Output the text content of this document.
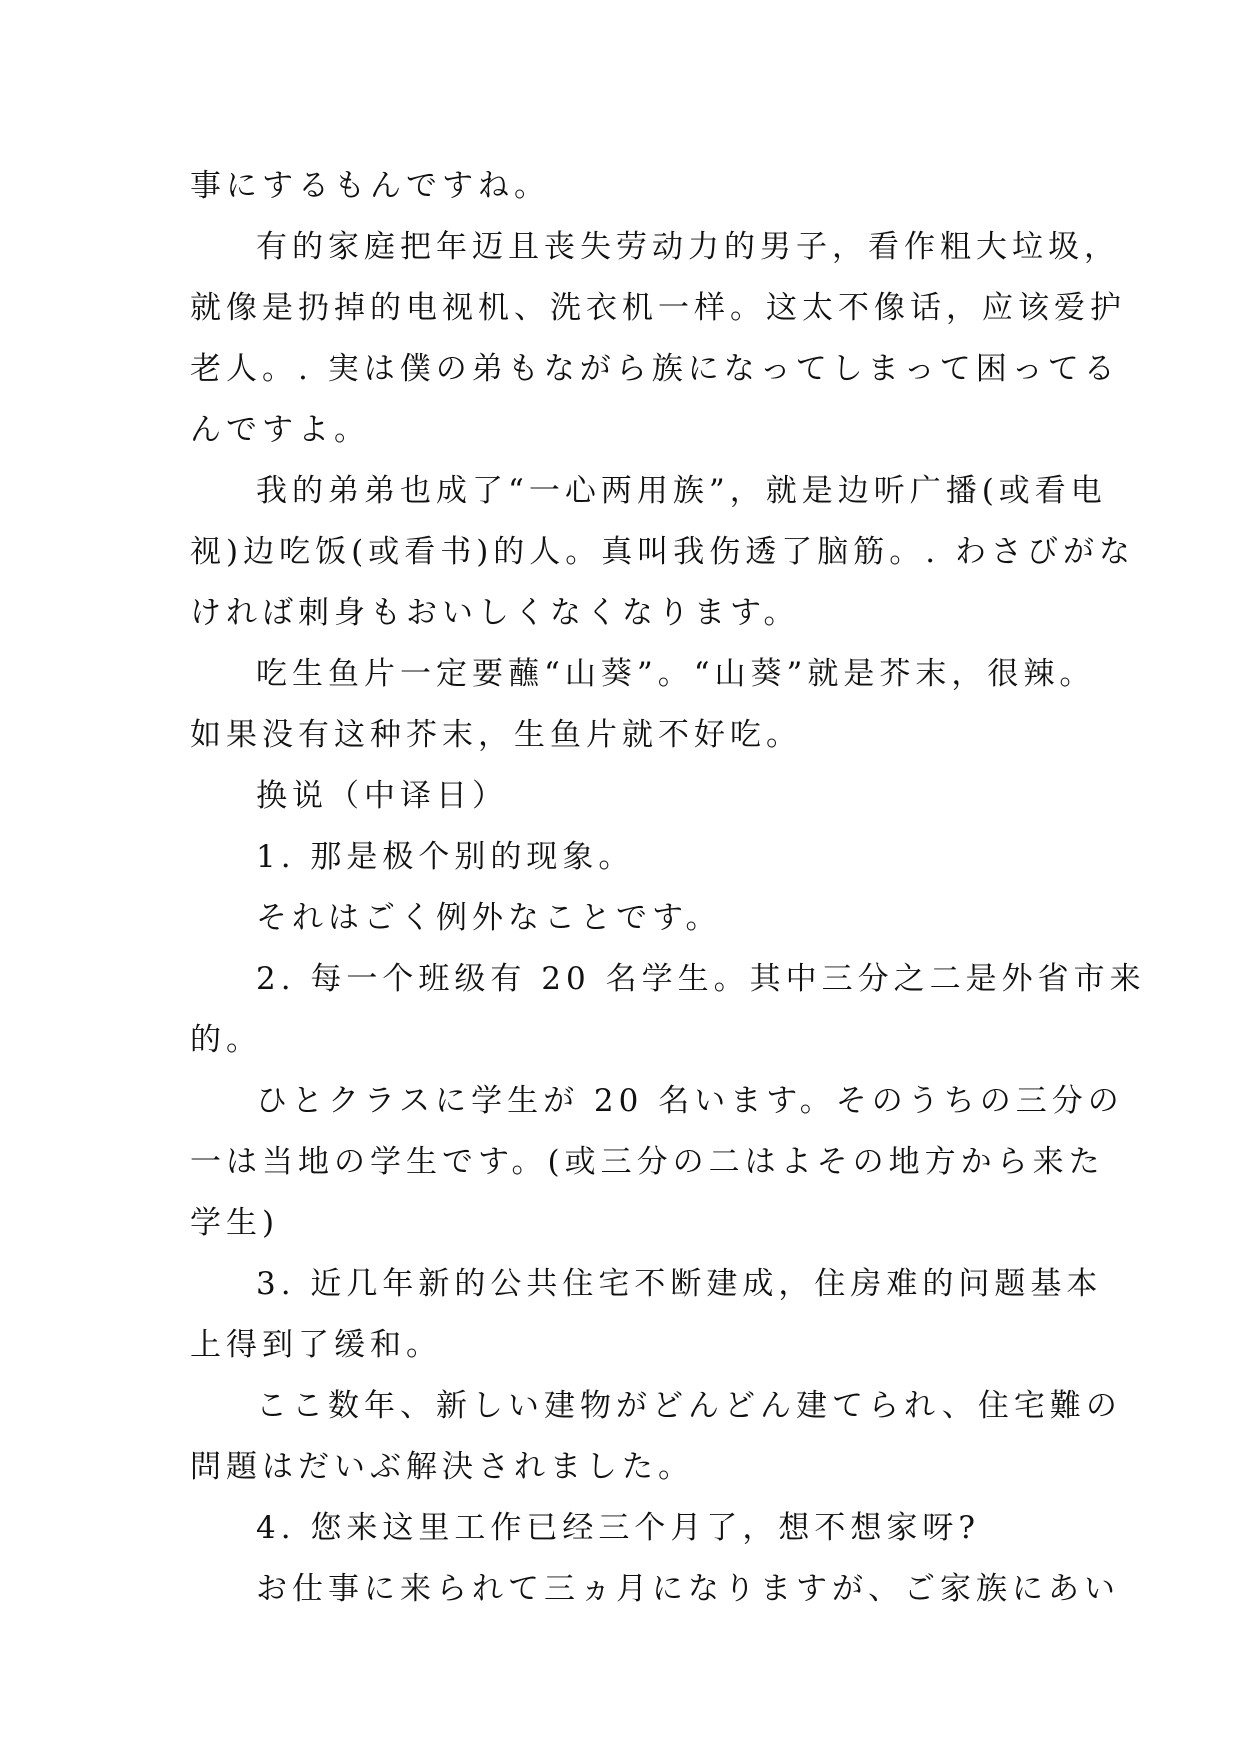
事にするもんですね。
有的家庭把年迈且丧失劳动力的男子，看作粗大垃圾，
就像是扔掉的电视机、洗衣机一样。这太不像话，应该爱护
老人。. 実は僕の弟もながら族になってしまって困ってる
んですよ。
我的弟弟也成了“一心两用族”，就是边听广播(或看电
视)边吃饭(或看书)的人。真叫我伤透了脑筋。. わさびがな
ければ刺身もおいしくなくなります。
吃生鱼片一定要蘸“山葵”。“山葵”就是芥末，很辣。
如果没有这种芥末，生鱼片就不好吃。
换说（中译日）
1. 那是极个别的现象。
それはごく例外なことです。
2. 每一个班级有 20 名学生。其中三分之二是外省市来
的。
ひとクラスに学生が 20 名います。そのうちの三分の
一は当地の学生です。(或三分の二はよその地方から来た
学生)
3. 近几年新的公共住宅不断建成，住房难的问题基本
上得到了缓和。
ここ数年、新しい建物がどんどん建てられ、住宅難の
問題はだいぶ解決されました。
4. 您来这里工作已经三个月了，想不想家呀?
お仕事に来られて三ヵ月になりますが、ご家族にあい
